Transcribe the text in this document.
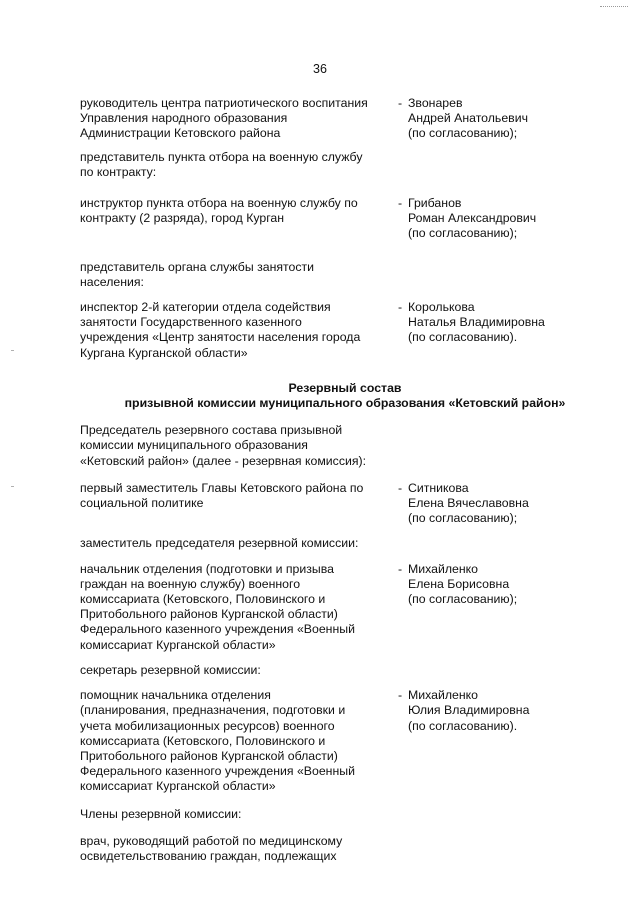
36
руководитель центра патриотического воспитания
Управления народного образования
Администрации Кетовского района
- Звонарев
Андрей Анатольевич
(по согласованию);
представитель пункта отбора на военную службу
по контракту:
инструктор пункта отбора на военную службу по
контракту (2 разряда), город Курган
- Грибанов
Роман Александрович
(по согласованию);
представитель органа службы занятости
населения:
инспектор 2-й категории отдела содействия
занятости Государственного казенного
учреждения «Центр занятости населения города
Кургана Курганской области»
- Королькова
Наталья Владимировна
(по согласованию).
Резервный состав
призывной комиссии муниципального образования «Кетовский район»
Председатель резервного состава призывной
комиссии муниципального образования
«Кетовский район» (далее - резервная комиссия):
первый заместитель Главы Кетовского района по
социальной политике
- Ситникова
Елена Вячеславовна
(по согласованию);
заместитель председателя резервной комиссии:
начальник отделения (подготовки и призыва
граждан на военную службу) военного
комиссариата (Кетовского, Половинского и
Притобольного районов Курганской области)
Федерального казенного учреждения «Военный
комиссариат Курганской области»
- Михайленко
Елена Борисовна
(по согласованию);
секретарь резервной комиссии:
помощник начальника отделения
(планирования, предназначения, подготовки и
учета мобилизационных ресурсов) военного
комиссариата (Кетовского, Половинского и
Притобольного районов Курганской области)
Федерального казенного учреждения «Военный
комиссариат Курганской области»
- Михайленко
Юлия Владимировна
(по согласованию).
Члены резервной комиссии:
врач, руководящий работой по медицинскому
освидетельствованию граждан, подлежащих
